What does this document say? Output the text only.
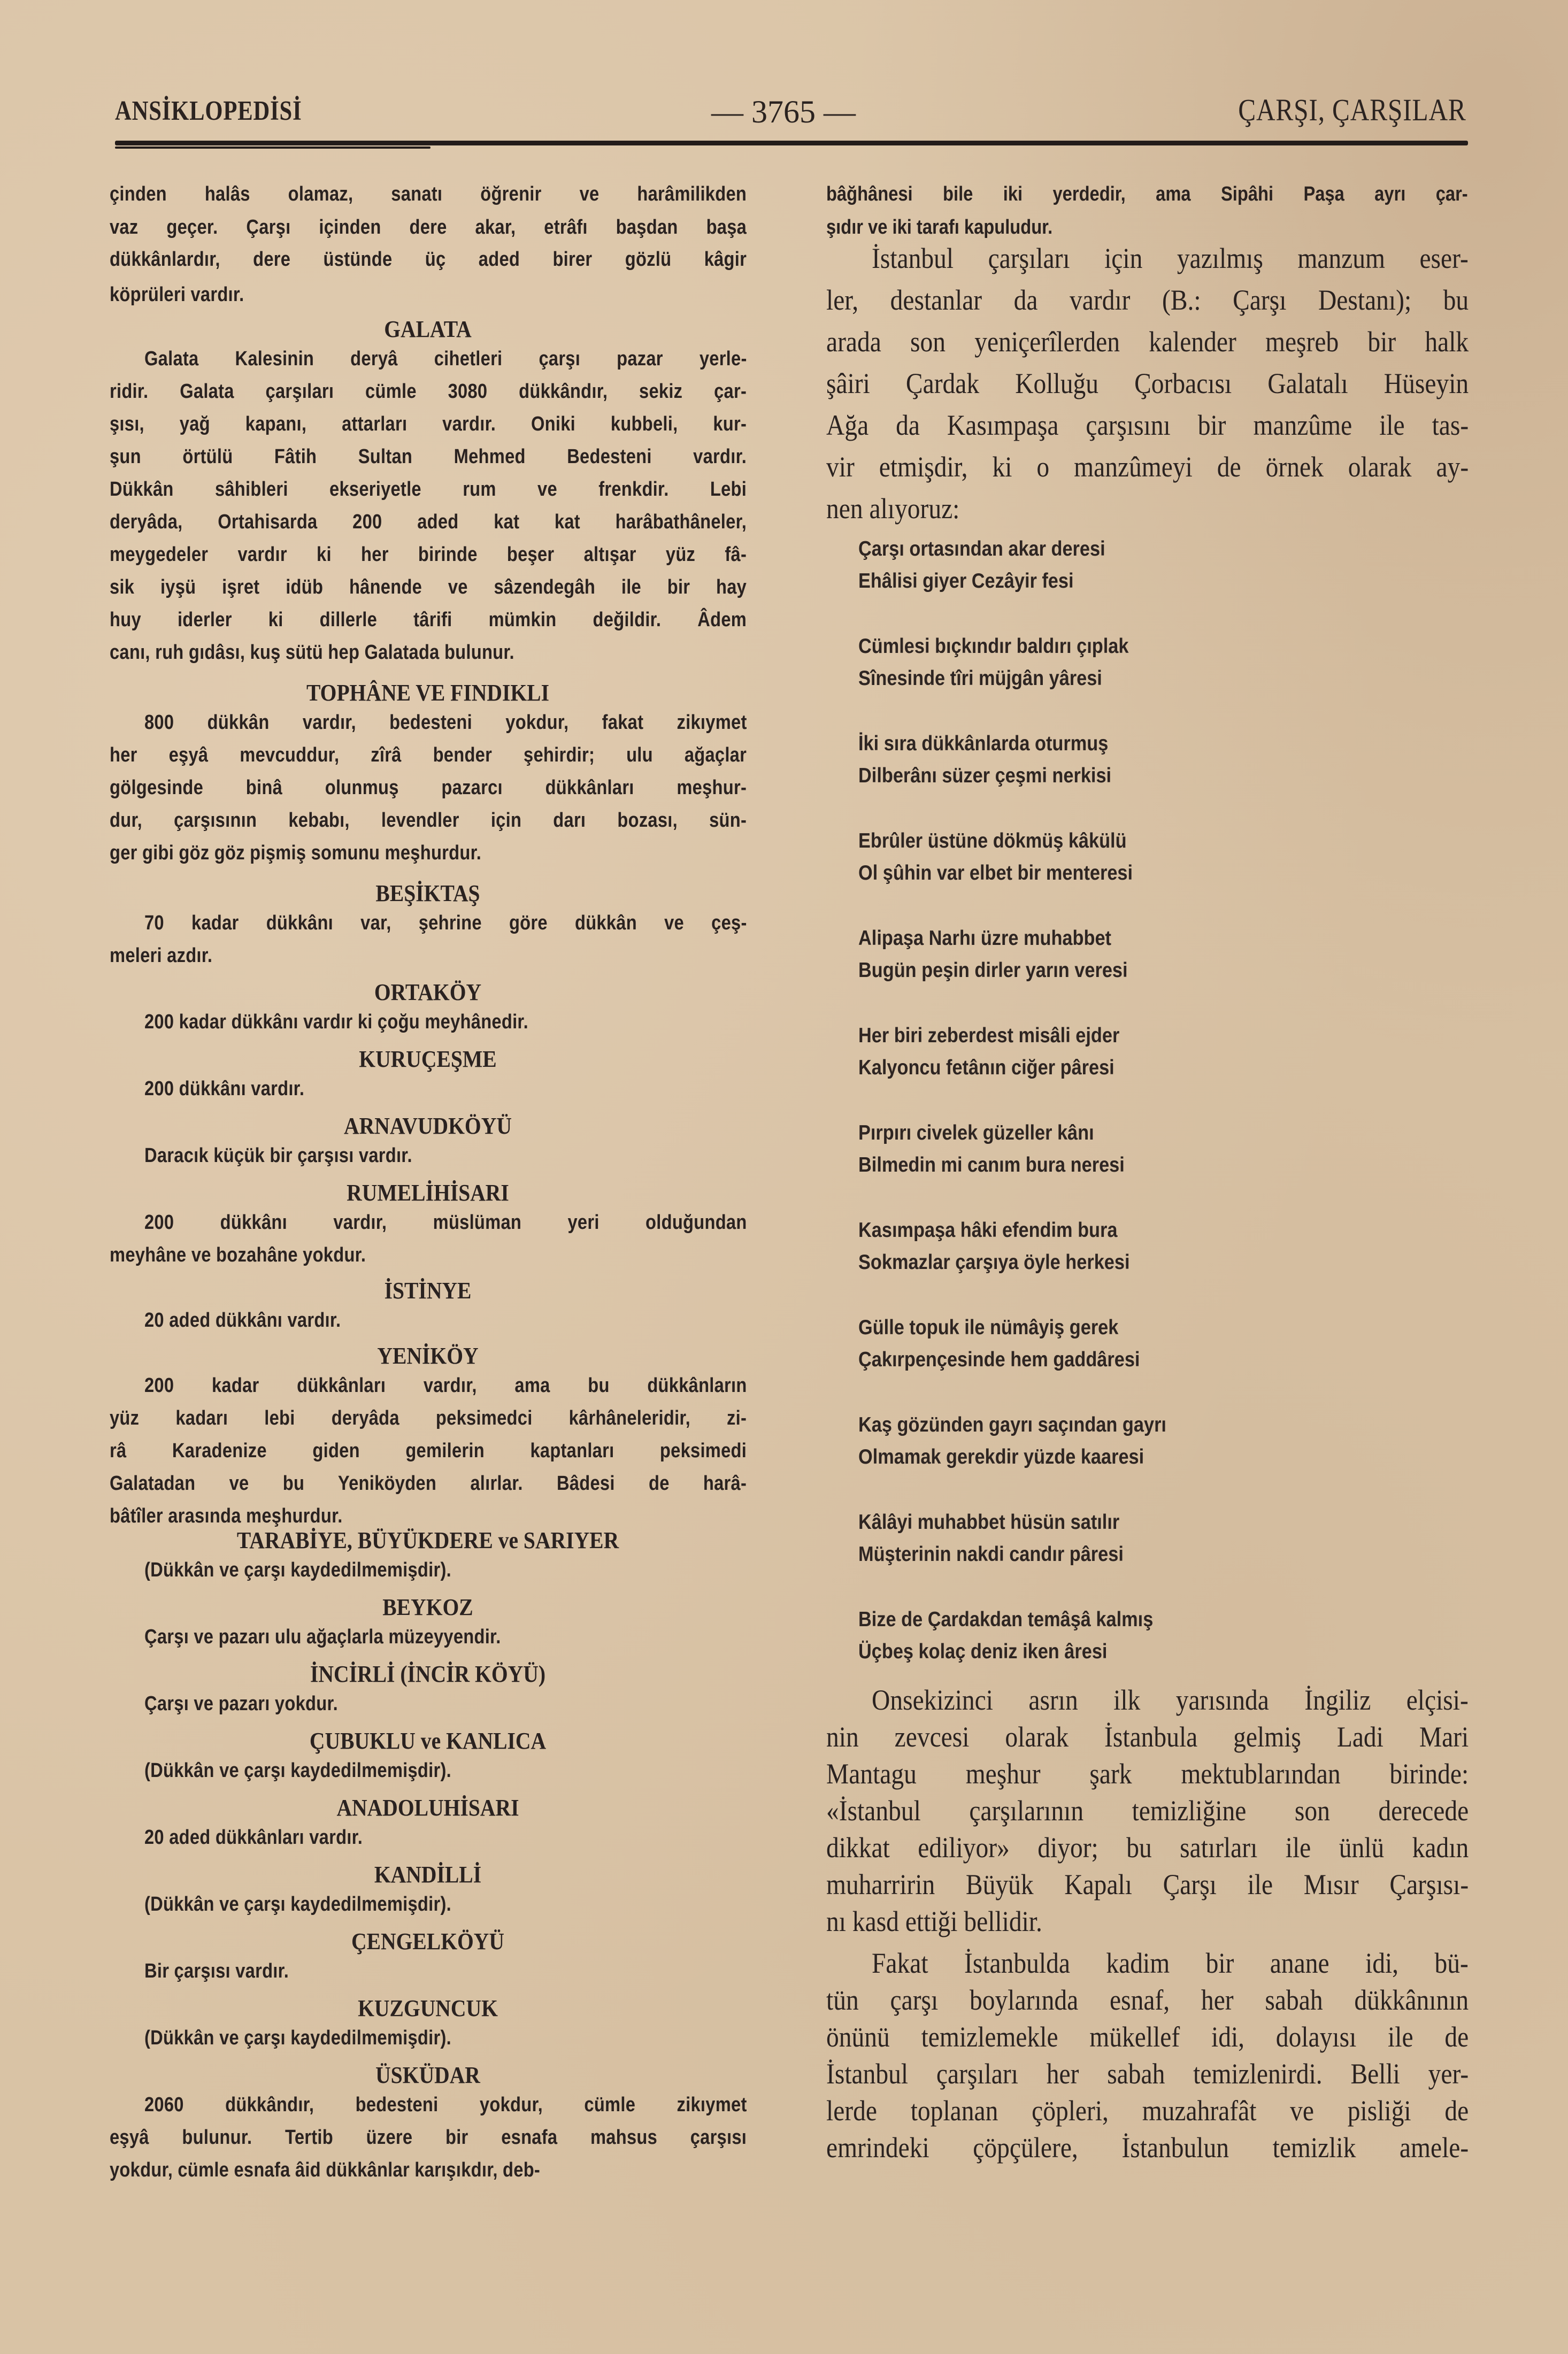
ANSİKLOPEDİSİ	— 3765 —	ÇARŞI, ÇARŞILAR
çinden halâs olamaz, sanatı öğrenir ve harâmilikden
vaz geçer. Çarşı içinden dere akar, etrâfı başdan başa
dükkânlardır, dere üstünde üç aded birer gözlü kâgir
köprüleri vardır.
GALATA
Galata Kalesinin deryâ cihetleri çarşı pazar yerle-
ridir. Galata çarşıları cümle 3080 dükkândır, sekiz çar-
şısı, yağ kapanı, attarları vardır. Oniki kubbeli, kur-
şun örtülü Fâtih Sultan Mehmed Bedesteni vardır.
Dükkân sâhibleri ekseriyetle rum ve frenkdir. Lebi
deryâda, Ortahisarda 200 aded kat kat harâbathâneler,
meygedeler vardır ki her birinde beşer altışar yüz fâ-
sik iyşü işret idüb hânende ve sâzendegâh ile bir hay
huy iderler ki dillerle târifi mümkin değildir. Âdem
canı, ruh gıdâsı, kuş sütü hep Galatada bulunur.
TOPHÂNE VE FINDIKLI
800 dükkân vardır, bedesteni yokdur, fakat zikıymet
her eşyâ mevcuddur, zîrâ bender şehirdir; ulu ağaçlar
gölgesinde binâ olunmuş pazarcı dükkânları meşhur-
dur, çarşısının kebabı, levendler için darı bozası, sün-
ger gibi göz göz pişmiş somunu meşhurdur.
BEŞİKTAŞ
70 kadar dükkânı var, şehrine göre dükkân ve çeş-
meleri azdır.
ORTAKÖY
200 kadar dükkânı vardır ki çoğu meyhânedir.
KURUÇEŞME
200 dükkânı vardır.
ARNAVUDKÖYÜ
Daracık küçük bir çarşısı vardır.
RUMELİHİSARI
200 dükkânı vardır, müslüman yeri olduğundan
meyhâne ve bozahâne yokdur.
İSTİNYE
20 aded dükkânı vardır.
YENİKÖY
200 kadar dükkânları vardır, ama bu dükkânların
yüz kadarı lebi deryâda peksimedci kârhâneleridir, zi-
râ Karadenize giden gemilerin kaptanları peksimedi
Galatadan ve bu Yeniköyden alırlar. Bâdesi de harâ-
bâtîler arasında meşhurdur.
TARABİYE, BÜYÜKDERE ve SARIYER
(Dükkân ve çarşı kaydedilmemişdir).
BEYKOZ
Çarşı ve pazarı ulu ağaçlarla müzeyyendir.
İNCİRLİ (İNCİR KÖYÜ)
Çarşı ve pazarı yokdur.
ÇUBUKLU ve KANLICA
(Dükkân ve çarşı kaydedilmemişdir).
ANADOLUHİSARI
20 aded dükkânları vardır.
KANDİLLİ
(Dükkân ve çarşı kaydedilmemişdir).
ÇENGELKÖYÜ
Bir çarşısı vardır.
KUZGUNCUK
(Dükkân ve çarşı kaydedilmemişdir).
ÜSKÜDAR
2060 dükkândır, bedesteni yokdur, cümle zikıymet
eşyâ bulunur. Tertib üzere bir esnafa mahsus çarşısı
yokdur, cümle esnafa âid dükkânlar karışıkdır, deb-
bâğhânesi bile iki yerdedir, ama Sipâhi Paşa ayrı çar-
şıdır ve iki tarafı kapuludur.
İstanbul çarşıları için yazılmış manzum eser-
ler, destanlar da vardır (B.: Çarşı Destanı); bu
arada son yeniçerîlerden kalender meşreb bir halk
şâiri Çardak Kolluğu Çorbacısı Galatalı Hüseyin
Ağa da Kasımpaşa çarşısını bir manzûme ile tas-
vir etmişdir, ki o manzûmeyi de örnek olarak ay-
nen alıyoruz:
Çarşı ortasından akar deresi
Ehâlisi giyer Cezâyir fesi
Cümlesi bıçkındır baldırı çıplak
Sînesinde tîri müjgân yâresi
İki sıra dükkânlarda oturmuş
Dilberânı süzer çeşmi nerkisi
Ebrûler üstüne dökmüş kâkülü
Ol şûhin var elbet bir menteresi
Alipaşa Narhı üzre muhabbet
Bugün peşin dirler yarın veresi
Her biri zeberdest misâli ejder
Kalyoncu fetânın ciğer pâresi
Pırpırı civelek güzeller kânı
Bilmedin mi canım bura neresi
Kasımpaşa hâki efendim bura
Sokmazlar çarşıya öyle herkesi
Gülle topuk ile nümâyiş gerek
Çakırpençesinde hem gaddâresi
Kaş gözünden gayrı saçından gayrı
Olmamak gerekdir yüzde kaaresi
Kâlâyi muhabbet hüsün satılır
Müşterinin nakdi candır pâresi
Bize de Çardakdan temâşâ kalmış
Üçbeş kolaç deniz iken âresi
Onsekizinci asrın ilk yarısında İngiliz elçisi-
nin zevcesi olarak İstanbula gelmiş Ladi Mari
Mantagu meşhur şark mektublarından birinde:
«İstanbul çarşılarının temizliğine son derecede
dikkat ediliyor» diyor; bu satırları ile ünlü kadın
muharririn Büyük Kapalı Çarşı ile Mısır Çarşısı-
nı kasd ettiği bellidir.
Fakat İstanbulda kadim bir anane idi, bü-
tün çarşı boylarında esnaf, her sabah dükkânının
önünü temizlemekle mükellef idi, dolayısı ile de
İstanbul çarşıları her sabah temizlenirdi. Belli yer-
lerde toplanan çöpleri, muzahrafât ve pisliği de
emrindeki çöpçülere, İstanbulun temizlik amele-
